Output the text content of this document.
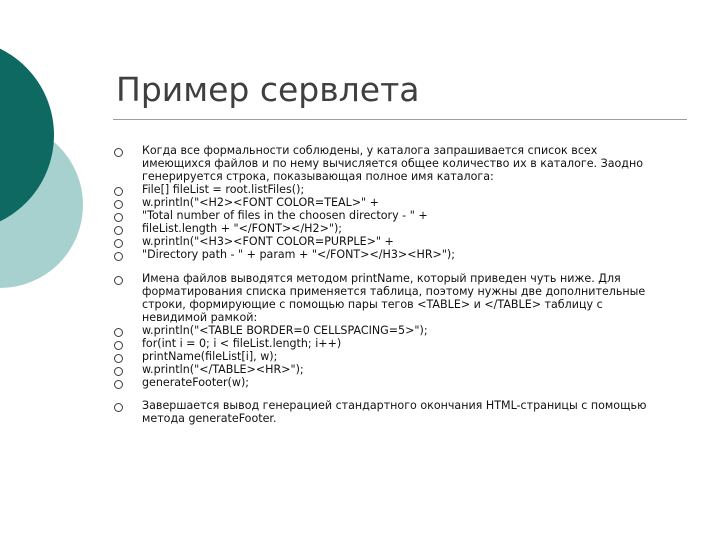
Пример сервлета
Когда все формальности соблюдены, у каталога запрашивается список всех
имеющихся файлов и по нему вычисляется общее количество их в каталоге. Заодно
генерируется строка, показывающая полное имя каталога:
File[] fileList = root.listFiles();
w.println("<H2><FONT COLOR=TEAL>" +
"Total number of files in the choosen directory - " +
fileList.length + "</FONT></H2>");
w.println("<H3><FONT COLOR=PURPLE>" +
"Directory path - " + param + "</FONT></H3><HR>");
Имена файлов выводятся методом printName, который приведен чуть ниже. Для
форматирования списка применяется таблица, поэтому нужны две дополнительные
строки, формирующие с помощью пары тегов <TABLE> и </TABLE> таблицу с
невидимой рамкой:
w.println("<TABLE BORDER=0 CELLSPACING=5>");
for(int i = 0; i < fileList.length; i++)
printName(fileList[i], w);
w.println("</TABLE><HR>");
generateFooter(w);
Завершается вывод генерацией стандартного окончания HTML-страницы с помощью
метода generateFooter.
